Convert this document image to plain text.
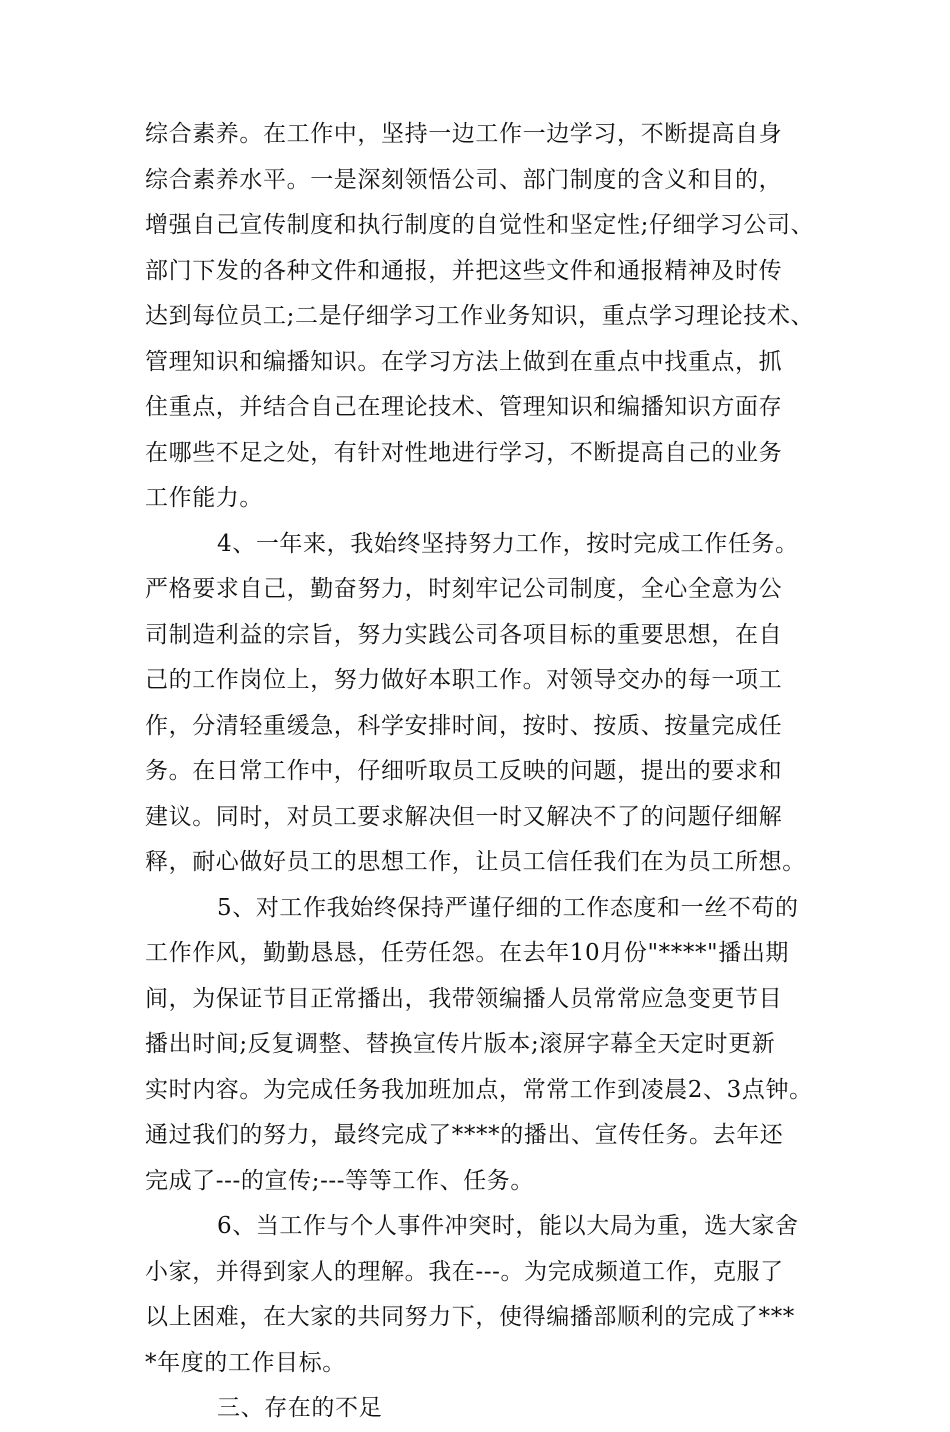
综合素养。在工作中，坚持一边工作一边学习，不断提高自身
综合素养水平。一是深刻领悟公司、部门制度的含义和目的，
增强自己宣传制度和执行制度的自觉性和坚定性;仔细学习公司、
部门下发的各种文件和通报，并把这些文件和通报精神及时传
达到每位员工;二是仔细学习工作业务知识，重点学习理论技术、
管理知识和编播知识。在学习方法上做到在重点中找重点，抓
住重点，并结合自己在理论技术、管理知识和编播知识方面存
在哪些不足之处，有针对性地进行学习，不断提高自己的业务
工作能力。
4、一年来，我始终坚持努力工作，按时完成工作任务。
严格要求自己，勤奋努力，时刻牢记公司制度，全心全意为公
司制造利益的宗旨，努力实践公司各项目标的重要思想，在自
己的工作岗位上，努力做好本职工作。对领导交办的每一项工
作，分清轻重缓急，科学安排时间，按时、按质、按量完成任
务。在日常工作中，仔细听取员工反映的问题，提出的要求和
建议。同时，对员工要求解决但一时又解决不了的问题仔细解
释，耐心做好员工的思想工作，让员工信任我们在为员工所想。
5、对工作我始终保持严谨仔细的工作态度和一丝不苟的
工作作风，勤勤恳恳，任劳任怨。在去年10月份"****"播出期
间，为保证节目正常播出，我带领编播人员常常应急变更节目
播出时间;反复调整、替换宣传片版本;滚屏字幕全天定时更新
实时内容。为完成任务我加班加点，常常工作到凌晨2、3点钟。
通过我们的努力，最终完成了****的播出、宣传任务。去年还
完成了---的宣传;---等等工作、任务。
6、当工作与个人事件冲突时，能以大局为重，选大家舍
小家，并得到家人的理解。我在---。为完成频道工作，克服了
以上困难，在大家的共同努力下，使得编播部顺利的完成了***
*年度的工作目标。
三、存在的不足
